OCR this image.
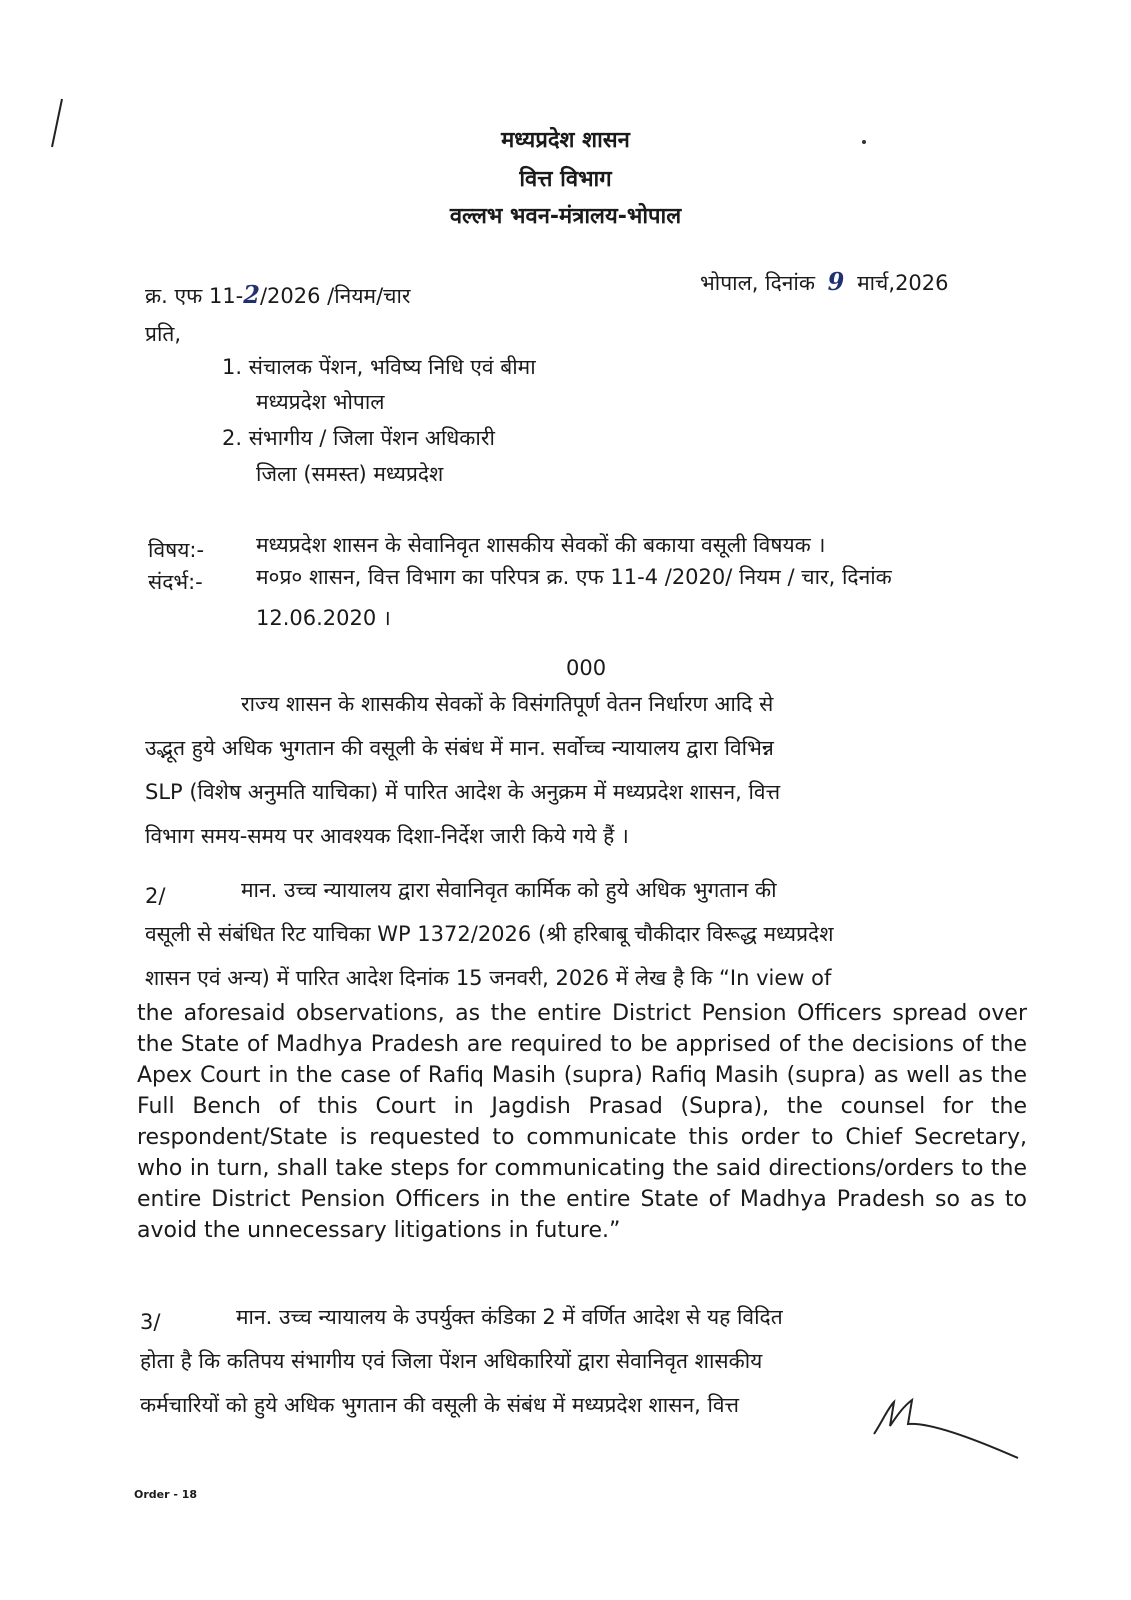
मध्यप्रदेश शासन
वित्त विभाग
वल्लभ भवन-मंत्रालय-भोपाल
क्र. एफ 11-2/2026 /नियम/चार
भोपाल, दिनांक 9 मार्च,2026
प्रति,
1. संचालक पेंशन, भविष्य निधि एवं बीमा
मध्यप्रदेश भोपाल
2. संभागीय / जिला पेंशन अधिकारी
जिला (समस्त) मध्यप्रदेश
विषय:- मध्यप्रदेश शासन के सेवानिवृत शासकीय सेवकों की बकाया वसूली विषयक ।
संदर्भ:-	म०प्र० शासन, वित्त विभाग का परिपत्र क्र. एफ 11-4 /2020/ नियम / चार, दिनांक
12.06.2020 ।
000
राज्य शासन के शासकीय सेवकों के विसंगतिपूर्ण वेतन निर्धारण आदि से
उद्भूत हुये अधिक भुगतान की वसूली के संबंध में मान. सर्वोच्च न्यायालय द्वारा विभिन्न
SLP (विशेष अनुमति याचिका) में पारित आदेश के अनुक्रम में मध्यप्रदेश शासन, वित्त
विभाग समय-समय पर आवश्यक दिशा-निर्देश जारी किये गये हैं ।
2/	मान. उच्च न्यायालय द्वारा सेवानिवृत कार्मिक को हुये अधिक भुगतान की
वसूली से संबंधित रिट याचिका WP 1372/2026 (श्री हरिबाबू चौकीदार विरूद्ध मध्यप्रदेश
शासन एवं अन्य) में पारित आदेश दिनांक 15 जनवरी, 2026 में लेख है कि “In view of
the aforesaid observations, as the entire District Pension Officers spread over the State of Madhya Pradesh are required to be apprised of the decisions of the Apex Court in the case of Rafiq Masih (supra) Rafiq Masih (supra) as well as the Full Bench of this Court in Jagdish Prasad (Supra), the counsel for the respondent/State is requested to communicate this order to Chief Secretary, who in turn, shall take steps for communicating the said directions/orders to the entire District Pension Officers in the entire State of Madhya Pradesh so as to avoid the unnecessary litigations in future.”
3/	मान. उच्च न्यायालय के उपर्युक्त कंडिका 2 में वर्णित आदेश से यह विदित
होता है कि कतिपय संभागीय एवं जिला पेंशन अधिकारियों द्वारा सेवानिवृत शासकीय
कर्मचारियों को हुये अधिक भुगतान की वसूली के संबंध में मध्यप्रदेश शासन, वित्त
Order - 18
